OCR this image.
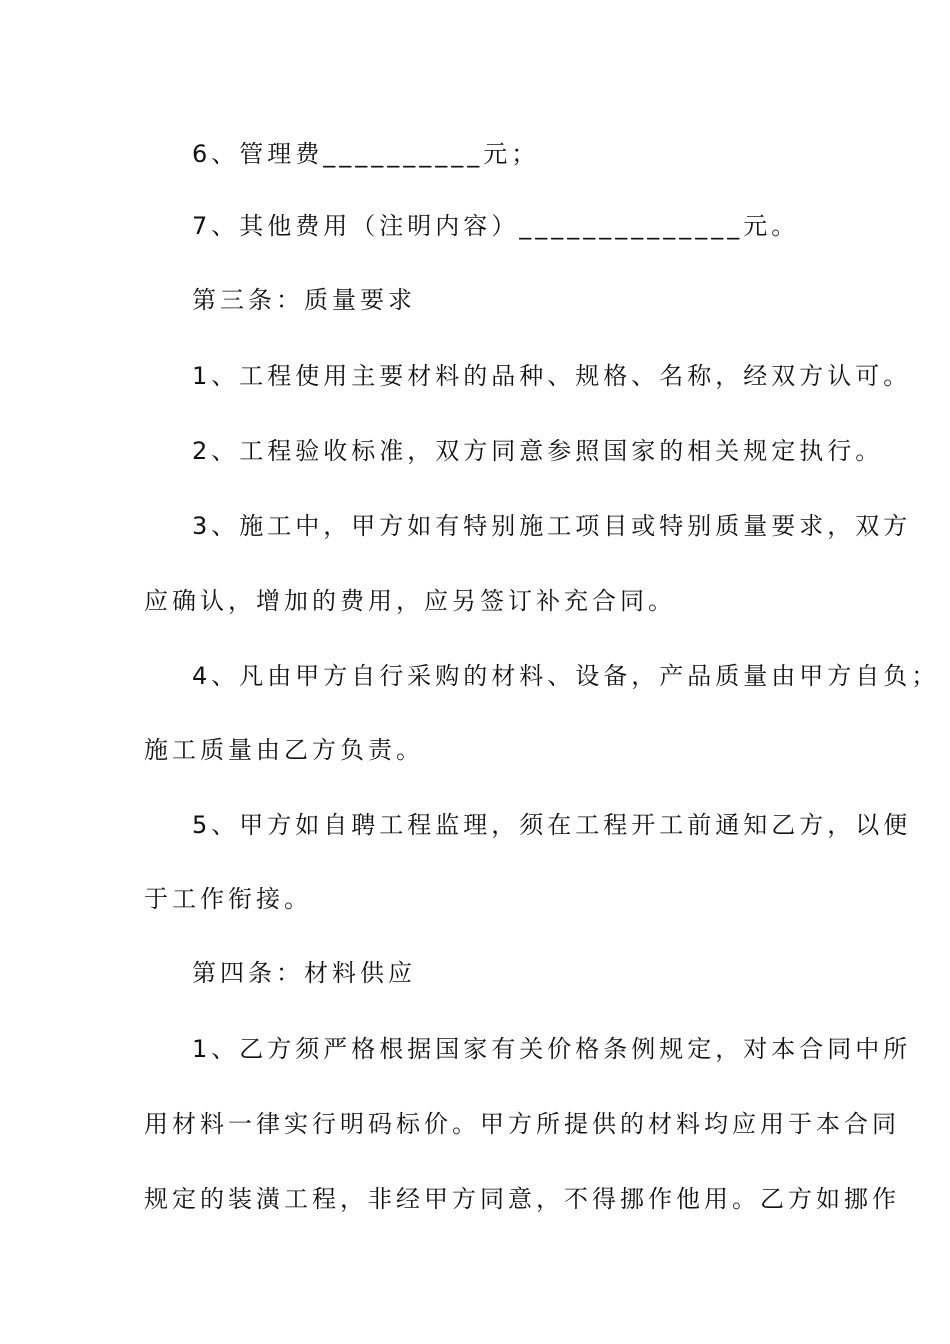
6、管理费__________元；
7、其他费用（注明内容）______________元。
第三条：质量要求
1、工程使用主要材料的品种、规格、名称，经双方认可。
2、工程验收标准，双方同意参照国家的相关规定执行。
3、施工中，甲方如有特别施工项目或特别质量要求，双方
应确认，增加的费用，应另签订补充合同。
4、凡由甲方自行采购的材料、设备，产品质量由甲方自负；
施工质量由乙方负责。
5、甲方如自聘工程监理，须在工程开工前通知乙方，以便
于工作衔接。
第四条：材料供应
1、乙方须严格根据国家有关价格条例规定，对本合同中所
用材料一律实行明码标价。甲方所提供的材料均应用于本合同
规定的装潢工程，非经甲方同意，不得挪作他用。乙方如挪作
